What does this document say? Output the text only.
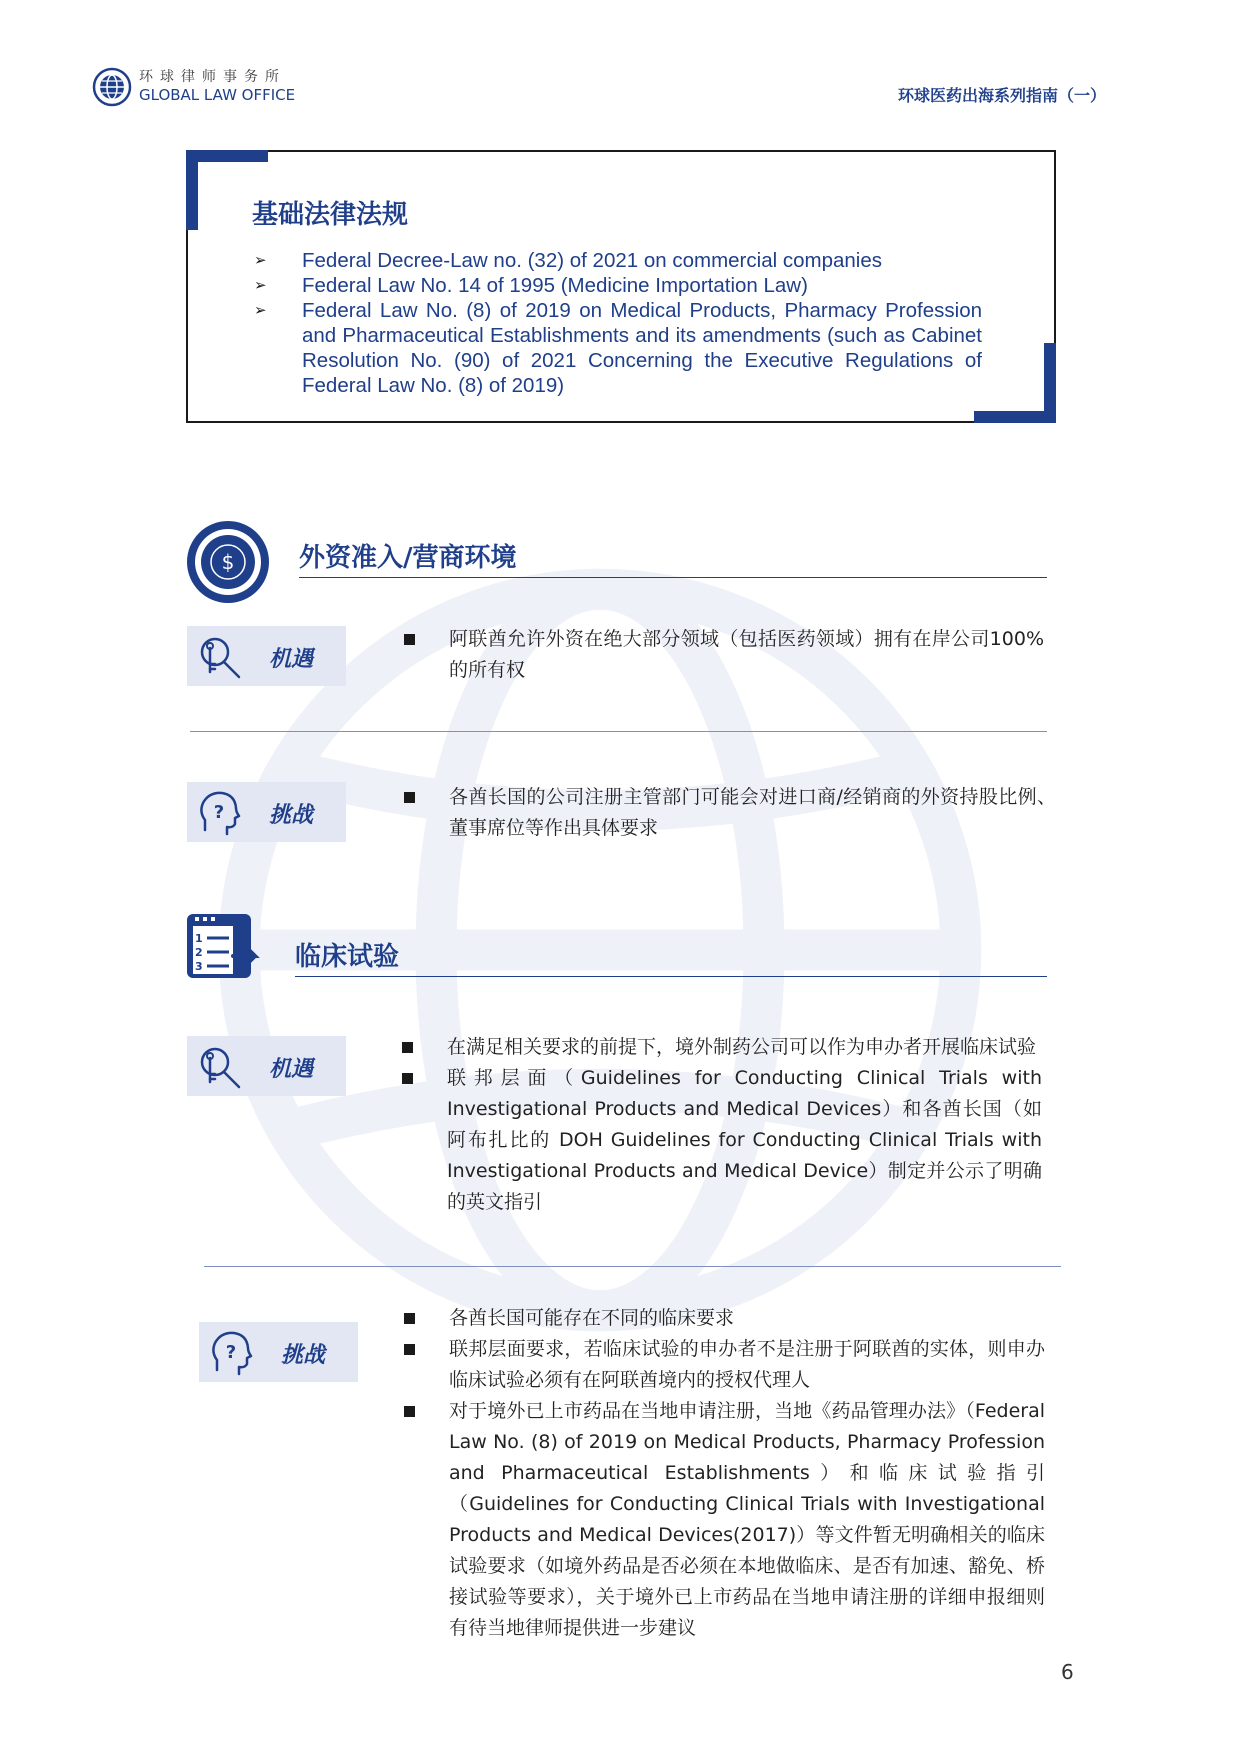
环球律师事务所
GLOBAL LAW OFFICE	环球医药出海系列指南（一）
基础法律法规
➢ Federal Decree-Law no. (32) of 2021 on commercial companies
➢ Federal Law No. 14 of 1995 (Medicine Importation Law)
➢ Federal Law No. (8) of 2019 on Medical Products, Pharmacy Profession and Pharmaceutical Establishments and its amendments (such as Cabinet Resolution No. (90) of 2021 Concerning the Executive Regulations of Federal Law No. (8) of 2019)
$ 外资准入/营商环境
机遇
阿联酋允许外资在绝大部分领域（包括医药领域）拥有在岸公司100%的所有权
? 挑战
各酋长国的公司注册主管部门可能会对进口商/经销商的外资持股比例、董事席位等作出具体要求
1
2
3	临床试验
机遇
在满足相关要求的前提下，境外制药公司可以作为申办者开展临床试验
联邦层面（Guidelines for Conducting Clinical Trials with Investigational Products and Medical Devices）和各酋长国（如阿布扎比的 DOH Guidelines for Conducting Clinical Trials with Investigational Products and Medical Device）制定并公示了明确的英文指引
? 挑战
各酋长国可能存在不同的临床要求
联邦层面要求，若临床试验的申办者不是注册于阿联酋的实体，则申办临床试验必须有在阿联酋境内的授权代理人
对于境外已上市药品在当地申请注册，当地《药品管理办法》（Federal Law No. (8) of 2019 on Medical Products, Pharmacy Profession and Pharmaceutical Establishments）和临床试验指引（Guidelines for Conducting Clinical Trials with Investigational Products and Medical Devices(2017)）等文件暂无明确相关的临床试验要求（如境外药品是否必须在本地做临床、是否有加速、豁免、桥接试验等要求），关于境外已上市药品在当地申请注册的详细申报细则有待当地律师提供进一步建议
6
